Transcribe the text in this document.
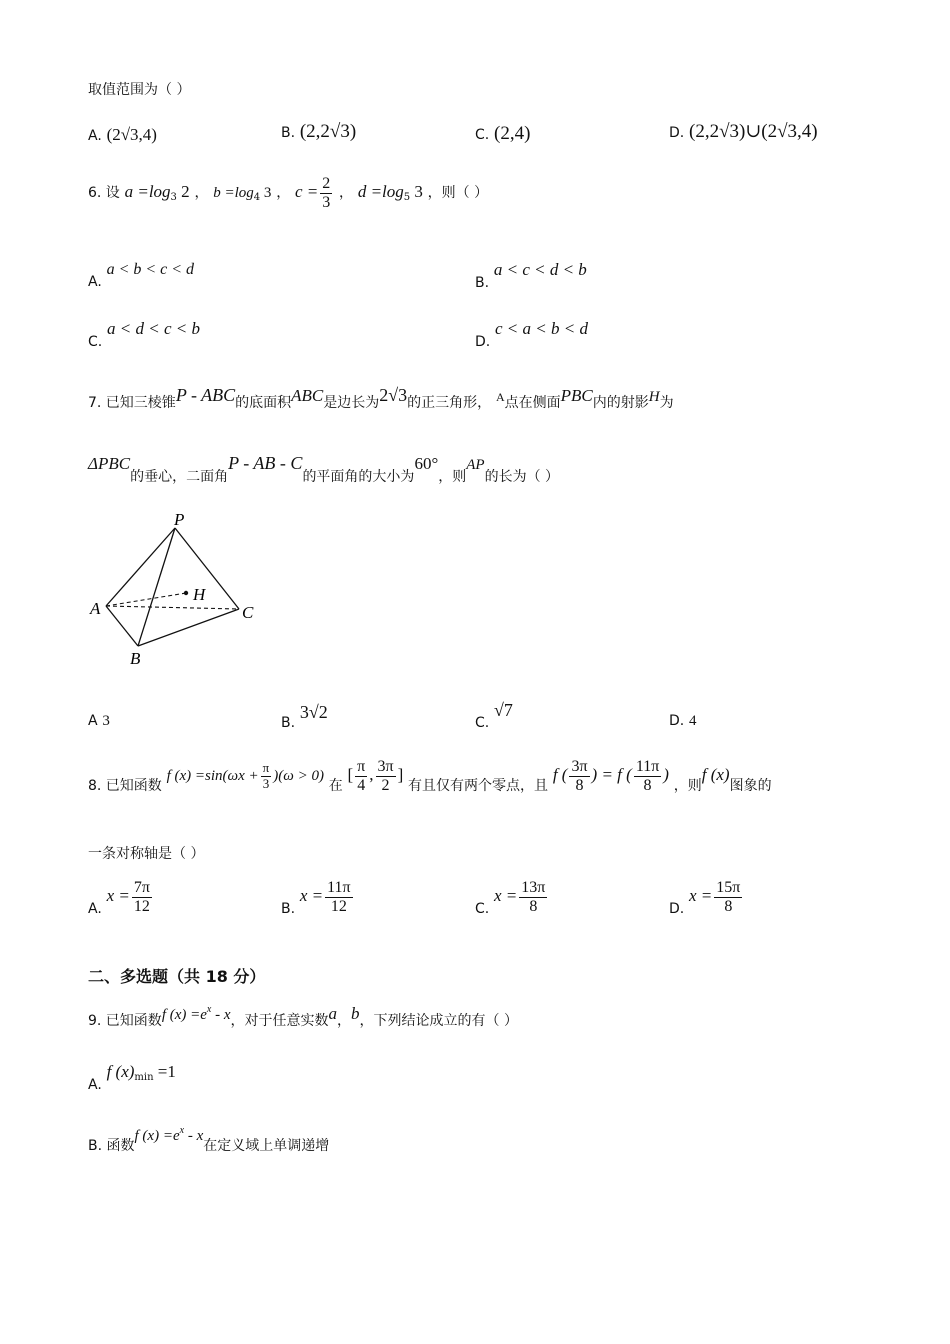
取值范围为（ ）
A. (2√3,4)	B. (2,2√3)	C. (2,4)	D. (2,2√3)∪(2√3,4)
6. 设 $a =\log_3$ 2 ， $b =\log_4$ 3 ， $c = \frac{2}{3}$ ， $d =\log_5$ 3 ，则（ ）
A. a < b < c < d
B. a < c < d < b
C. a < d < c < b
D. c < a < b < d
7. 已知三棱锥P - ABC的底面积ABC是边长为2√3的正三角形， A点在侧面PBC内的射影H为
ΔPBC的垂心，二面角P - AB - C的平面角的大小为60°，则AP的长为（ ）
P
A
B
C
H
A 3	B. 3√2
C. √7
D. 4
8. 已知函数 f $(x) =\sin(\omega x + \frac{\pi}{3} )(\omega > 0)$ 在 [ $\frac{\pi}{4}$ , $\frac{3\pi}{2}$ ] 有且仅有两个零点，且 f ( $\frac{3\pi}{8}$ ) = f ( $\frac{11\pi}{8}$ ) ，则f (x)图象的
一条对称轴是（ ）
A. $x = \frac{7\pi}{12}$	B. $x = \frac{11\pi}{12}$	C. $x = \frac{13\pi}{8}$	D. $x = \frac{15\pi}{8}$
二、多选题（共 18 分）
9. 已知函数f $(x) =e^x - x$，对于任意实数a，b，下列结论成立的有（ ）
A. f $(x)_{min} =1$
B. 函数f $(x) =e^x - x$在定义域上单调递增
